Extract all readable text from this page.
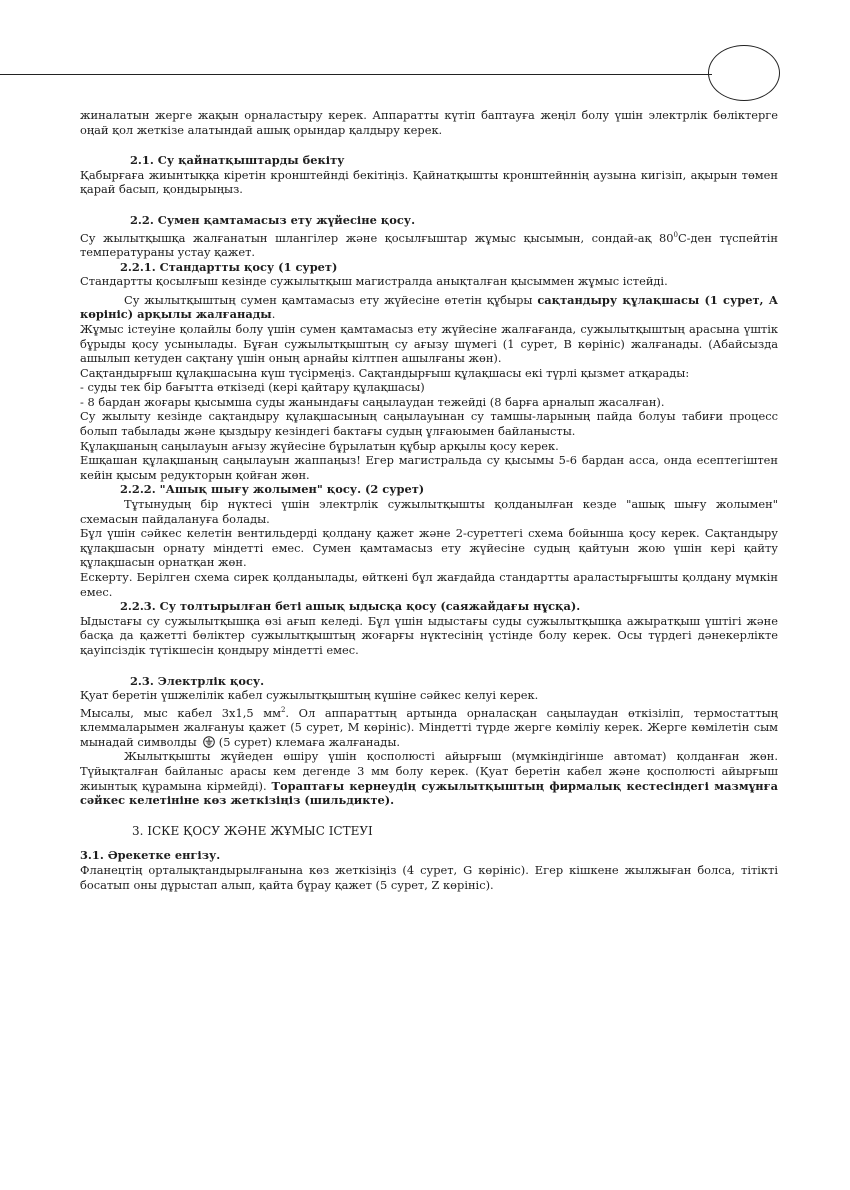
жиналатын жерге жақын орналастыру керек. Аппаратты күтіп баптауға жеңіл болу үшін электрлік бөліктерге оңай қол жеткізе алатындай ашық орындар қалдыру керек.

2.1. Су қайнатқыштарды бекіту

Қабырғаға жиынтыққа кіретін кронштейнді бекітіңіз. Қайнатқышты кронштейннің аузына кигізіп, ақырын төмен қарай басып, қондырыңыз.

2.2. Сумен қамтамасыз ету жүйесіне қосу.

Су жылытқышқа жалғанатын шлангілер және қосылғыштар жұмыс қысымын, сондай-ақ $80^0С$-ден түспейтін температураны устау қажет.

2.2.1. Стандартты қосу (1 сурет)

Стандартты қосылғыш кезінде сужылытқыш магистралда анықталған қысыммен жұмыс істейді.

Су жылытқыштың сумен қамтамасыз ету жүйесіне өтетін құбыры сақтандыру құлақшасы (1 сурет, А көрініс) арқылы жалғанады.

Жұмыс істеуіне қолайлы болу үшін сумен қамтамасыз ету жүйесіне жалғағанда, сужылытқыштың арасына үштік бұрыды қосу усынылады. Бұған сужылытқыштың су ағызу шүмегі (1 сурет, В көрініс) жалғанады. (Абайсызда ашылып кетуден сақтану үшін оның арнайы кілтпен ашылғаны жөн).

Сақтандырғыш құлақшасына күш түсірмеңіз. Сақтандырғыш құлақшасы екі түрлі қызмет атқарады:

- суды тек бір бағытта өткізеді (кері қайтару құлақшасы)

- 8 бардан жоғары қысымша суды жанындағы саңылаудан тежейді (8 барға арналып жасалған).

Су жылыту кезінде сақтандыру құлақшасының саңылауынан су тамшы-ларының пайда болуы табиғи процесс болып табылады және қыздыру кезіндегі бактағы судың ұлғаюымен байланысты.

Құлақшаның саңылауын ағызу жүйесіне бұрылатын құбыр арқылы қосу керек.

Ешқашан құлақшаның саңылауын жаппаңыз! Егер магистральда су қысымы 5-6 бардан асса, онда есептегіштен кейін қысым редукторын қойған жөн.

2.2.2. "Ашық шығу жолымен" қосу. (2 сурет)

Тұтынудың бір нүктесі үшін электрлік сужылытқышты қолданылған кезде "ашық шығу жолымен" схемасын пайдалануға болады.

Бұл үшін сәйкес келетін вентильдерді қолдану қажет және 2-суреттегі схема бойынша қосу керек. Сақтандыру құлақшасын орнату міндетті емес. Сумен қамтамасыз ету жүйесіне судың қайтуын жою үшін кері қайту құлақшасын орнатқан жөн.

Ескерту. Берілген схема сирек қолданылады, өйткені бұл жағдайда стандартты араластырғышты қолдану мүмкін емес.

2.2.3. Су толтырылған беті ашық ыдысқа қосу (саяжайдағы нұсқа).

Ыдыстағы су сужылытқышқа өзі ағып келеді. Бұл үшін ыдыстағы суды сужылытқышқа ажыратқыш үштігі және басқа да қажетті бөліктер сужылытқыштың жоғарғы нүктесінің үстінде болу керек. Осы түрдегі дәнекерлікте қауіпсіздік түтікшесін қондыру міндетті емес.

2.3. Электрлік қосу.

Қуат беретін үшжелілік кабел сужылытқыштың күшіне сәйкес келуі керек.

Мысалы, мыс кабел 3х1,5 $мм^2$. Ол аппараттың артында орналасқан саңылаудан өткізіліп, термостаттың клеммаларымен жалғануы қажет (5 сурет, М көрініс). Міндетті түрде жерге көміліу керек. Жерге көмілетін сым мынадай символды (5 сурет) клемаға жалғанады.

Жылытқышты жүйеден өшіру үшін қосполюсті айырғыш (мүмкіндігінше автомат) қолданған жөн. Түйықталған байланыс арасы кем дегенде 3 мм болу керек. (Қуат беретін кабел және қосполюсті айырғыш жиынтық құрамына кірмейді). Тораптағы кернеудің сужылытқыштың фирмалық кестесіндегі мазмұнға сәйкес келетініне көз жеткізіңіз (шильдикте).

3. ІСКЕ ҚОСУ ЖӘНЕ ЖҰМЫС ІСТЕУІ

3.1. Әрекетке енгізу.

Фланецтің орталықтандырылғанына көз жеткізіңіз (4 сурет, G көрініс). Егер кішкене жылжыған болса, тітікті босатып оны дұрыстап алып, қайта бұрау қажет (5 сурет, Z көрініс).
